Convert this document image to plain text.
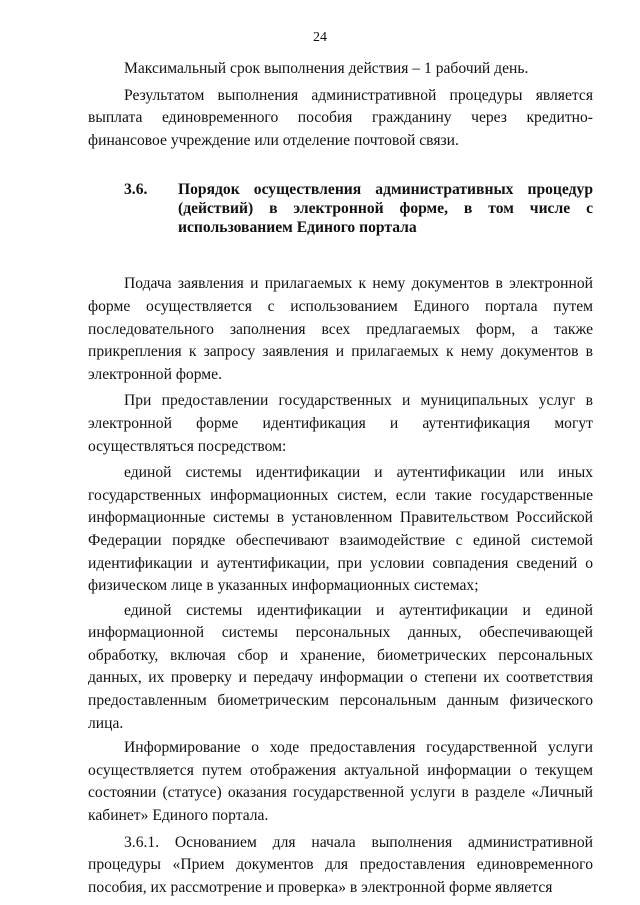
24

Максимальный срок выполнения действия – 1 рабочий день.

Результатом выполнения административной процедуры является выплата единовременного пособия гражданину через кредитно-финансовое учреждение или отделение почтовой связи.

3.6.	Порядок осуществления административных процедур (действий) в электронной форме, в том числе с использованием Единого портала

Подача заявления и прилагаемых к нему документов в электронной форме осуществляется с использованием Единого портала путем последовательного заполнения всех предлагаемых форм, а также прикрепления к запросу заявления и прилагаемых к нему документов в электронной форме.

При предоставлении государственных и муниципальных услуг в электронной форме идентификация и аутентификация могут осуществляться посредством:

единой системы идентификации и аутентификации или иных государственных информационных систем, если такие государственные информационные системы в установленном Правительством Российской Федерации порядке обеспечивают взаимодействие с единой системой идентификации и аутентификации, при условии совпадения сведений о физическом лице в указанных информационных системах;

единой системы идентификации и аутентификации и единой информационной системы персональных данных, обеспечивающей обработку, включая сбор и хранение, биометрических персональных данных, их проверку и передачу информации о степени их соответствия предоставленным биометрическим персональным данным физического лица.

Информирование о ходе предоставления государственной услуги осуществляется путем отображения актуальной информации о текущем состоянии (статусе) оказания государственной услуги в разделе «Личный кабинет» Единого портала.

3.6.1. Основанием для начала выполнения административной процедуры «Прием документов для предоставления единовременного пособия, их рассмотрение и проверка» в электронной форме является
